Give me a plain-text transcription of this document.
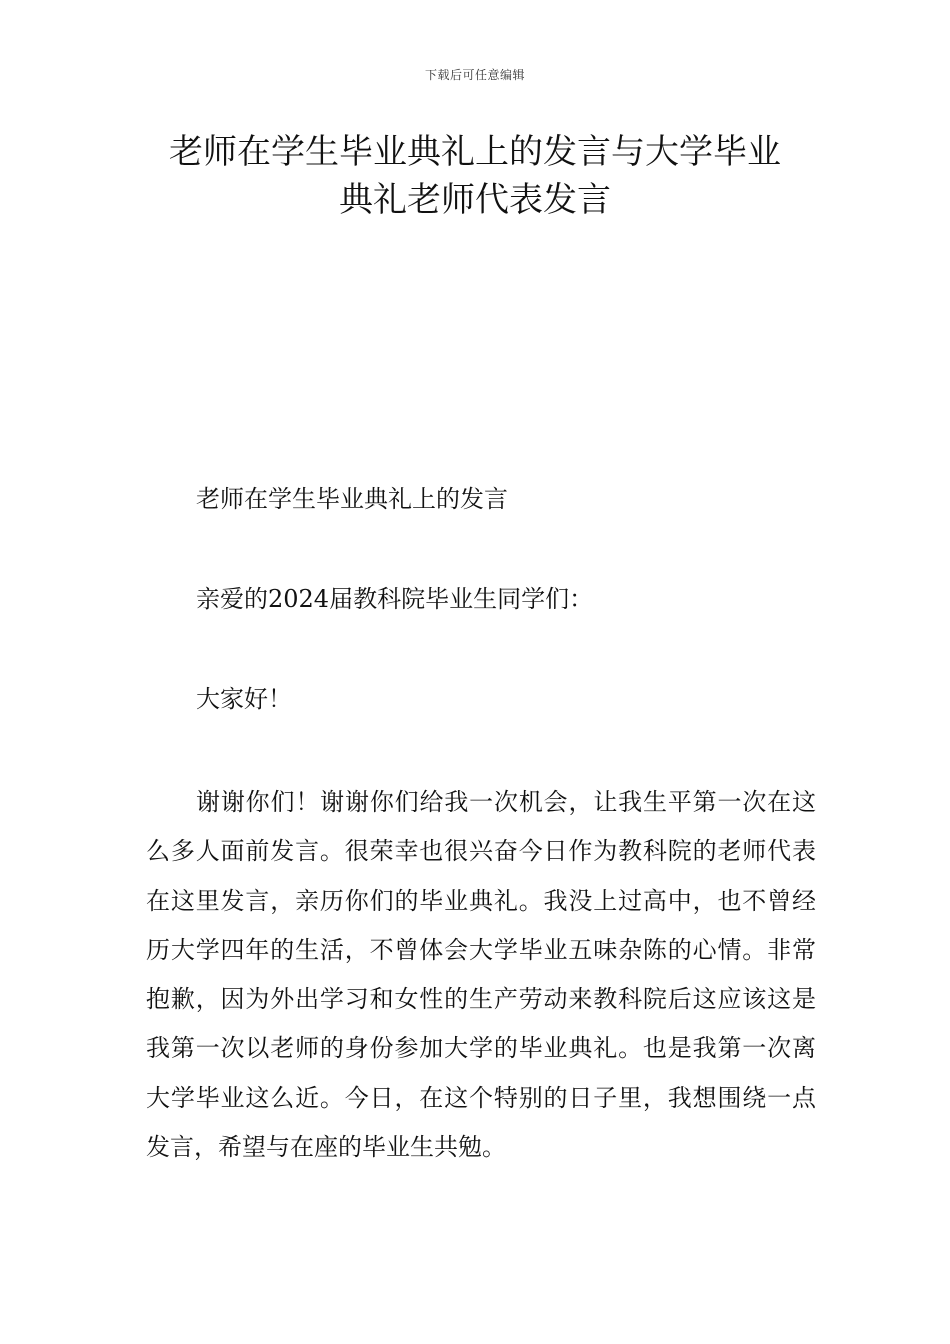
下载后可任意编辑
老师在学生毕业典礼上的发言与大学毕业
典礼老师代表发言

老师在学生毕业典礼上的发言

亲爱的2024届教科院毕业生同学们：

大家好！

谢谢你们！谢谢你们给我一次机会，让我生平第一次在这么多人面前发言。很荣幸也很兴奋今日作为教科院的老师代表在这里发言，亲历你们的毕业典礼。我没上过高中，也不曾经历大学四年的生活，不曾体会大学毕业五味杂陈的心情。非常抱歉，因为外出学习和女性的生产劳动来教科院后这应该这是我第一次以老师的身份参加大学的毕业典礼。也是我第一次离大学毕业这么近。今日，在这个特别的日子里，我想围绕一点发言，希望与在座的毕业生共勉。
